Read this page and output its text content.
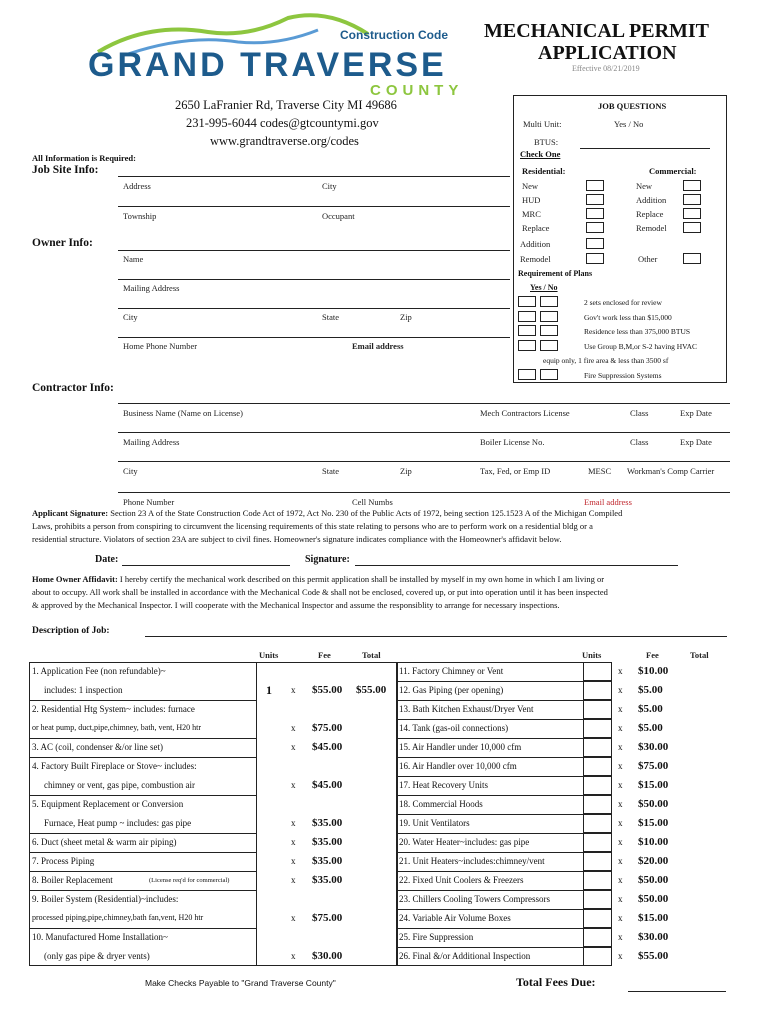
Construction Code
GRAND TRAVERSE
COUNTY
MECHANICAL PERMIT
APPLICATION
Effective 08/21/2019
2650 LaFranier Rd, Traverse City MI 49686
231-995-6044 codes@gtcountymi.gov
www.grandtraverse.org/codes
All Information is Required:
Job Site Info:
Address	City
Township	Occupant
Owner Info:
Name
Mailing Address
City	State	Zip
Home Phone Number	Email address
JOB QUESTIONS
Multi Unit:	Yes / No
BTUS:
Check One
Residential:	Commercial:
New
HUD
MRC
Replace
Addition
Remodel
New
Addition
Replace
Remodel
Other
Requirement of Plans
Yes / No
2 sets enclosed for review
Gov't work less than $15,000
Residence less than 375,000 BTUS
Use Group B,M,or S-2 having HVAC
equip only, 1 fire area & less than 3500 sf
Fire Suppression Systems
Contractor Info:
Business Name (Name on License)	Mech Contractors License	Class	Exp Date
Mailing Address	Boiler License No.	Class	Exp Date
City	State	Zip	Tax, Fed, or Emp ID	MESC Workman's Comp Carrier
Phone Number	Cell Numbs	Email address
Applicant Signature: Section 23 A of the State Construction Code Act of 1972, Act No. 230 of the Public Acts of 1972, being section 125.1523 A of the Michigan Compiled
Laws, prohibits a person from conspiring to circumvent the licensing requirements of this state relating to persons who are to perform work on a residential bldg or a
residential structure. Violators of section 23A are subject to civil fines. Homeowner's signature indicates compliance with the Homeowner's affidavit below.
Date:	Signature:
Home Owner Affidavit: I hereby certify the mechanical work described on this permit application shall be installed by myself in my own home in which I am living or
about to occupy. All work shall be installed in accordance with the Mechanical Code & shall not be enclosed, covered up, or put into operation until it has been inspected
& approved by the Mechanical Inspector. I will cooperate with the Mechanical Inspector and assume the responsiblity to arrange for necessary inspections.
Description of Job:
Units	Fee	Total	Units	Fee	Total
Make Checks Payable to "Grand Traverse County"	Total Fees Due:
1. Application Fee (non refundable)~
includes: 1 inspection	1 x $55.00 $55.00
2. Residential Htg System~ includes: furnace
or heat pump, duct,pipe,chimney, bath, vent, H20 htr	x $75.00
3. AC (coil, condenser &/or line set)	x $45.00
4. Factory Built Fireplace or Stove~ includes:
chimney or vent, gas pipe, combustion air	x $45.00
5. Equipment Replacement or Conversion
Furnace, Heat pump ~ includes: gas pipe	x $35.00
6. Duct (sheet metal & warm air piping)	x $35.00
7. Process Piping	x $35.00
8. Boiler Replacement	(License req'd for commercial)	x $35.00
9. Boiler System (Residential)~includes:
processed piping,pipe,chimney,bath fan,vent, H20 htr	x $75.00
10. Manufactured Home Installation~
(only gas pipe & dryer vents)	x $30.00
11. Factory Chimney or Vent	x $10.00
12. Gas Piping (per opening)	x $5.00
13. Bath Kitchen Exhaust/Dryer Vent	x $5.00
14. Tank (gas-oil connections)	x $5.00
15. Air Handler under 10,000 cfm	x $30.00
16. Air Handler over 10,000 cfm	x $75.00
17. Heat Recovery Units	x $15.00
18. Commercial Hoods	x $50.00
19. Unit Ventilators	x $15.00
20. Water Heater~includes: gas pipe	x $10.00
21. Unit Heaters~includes:chimney/vent	x $20.00
22. Fixed Unit Coolers & Freezers	x $50.00
23. Chillers Cooling Towers Compressors	x $50.00
24. Variable Air Volume Boxes	x $15.00
25. Fire Suppression	x $30.00
26. Final &/or Additional Inspection	x $55.00
